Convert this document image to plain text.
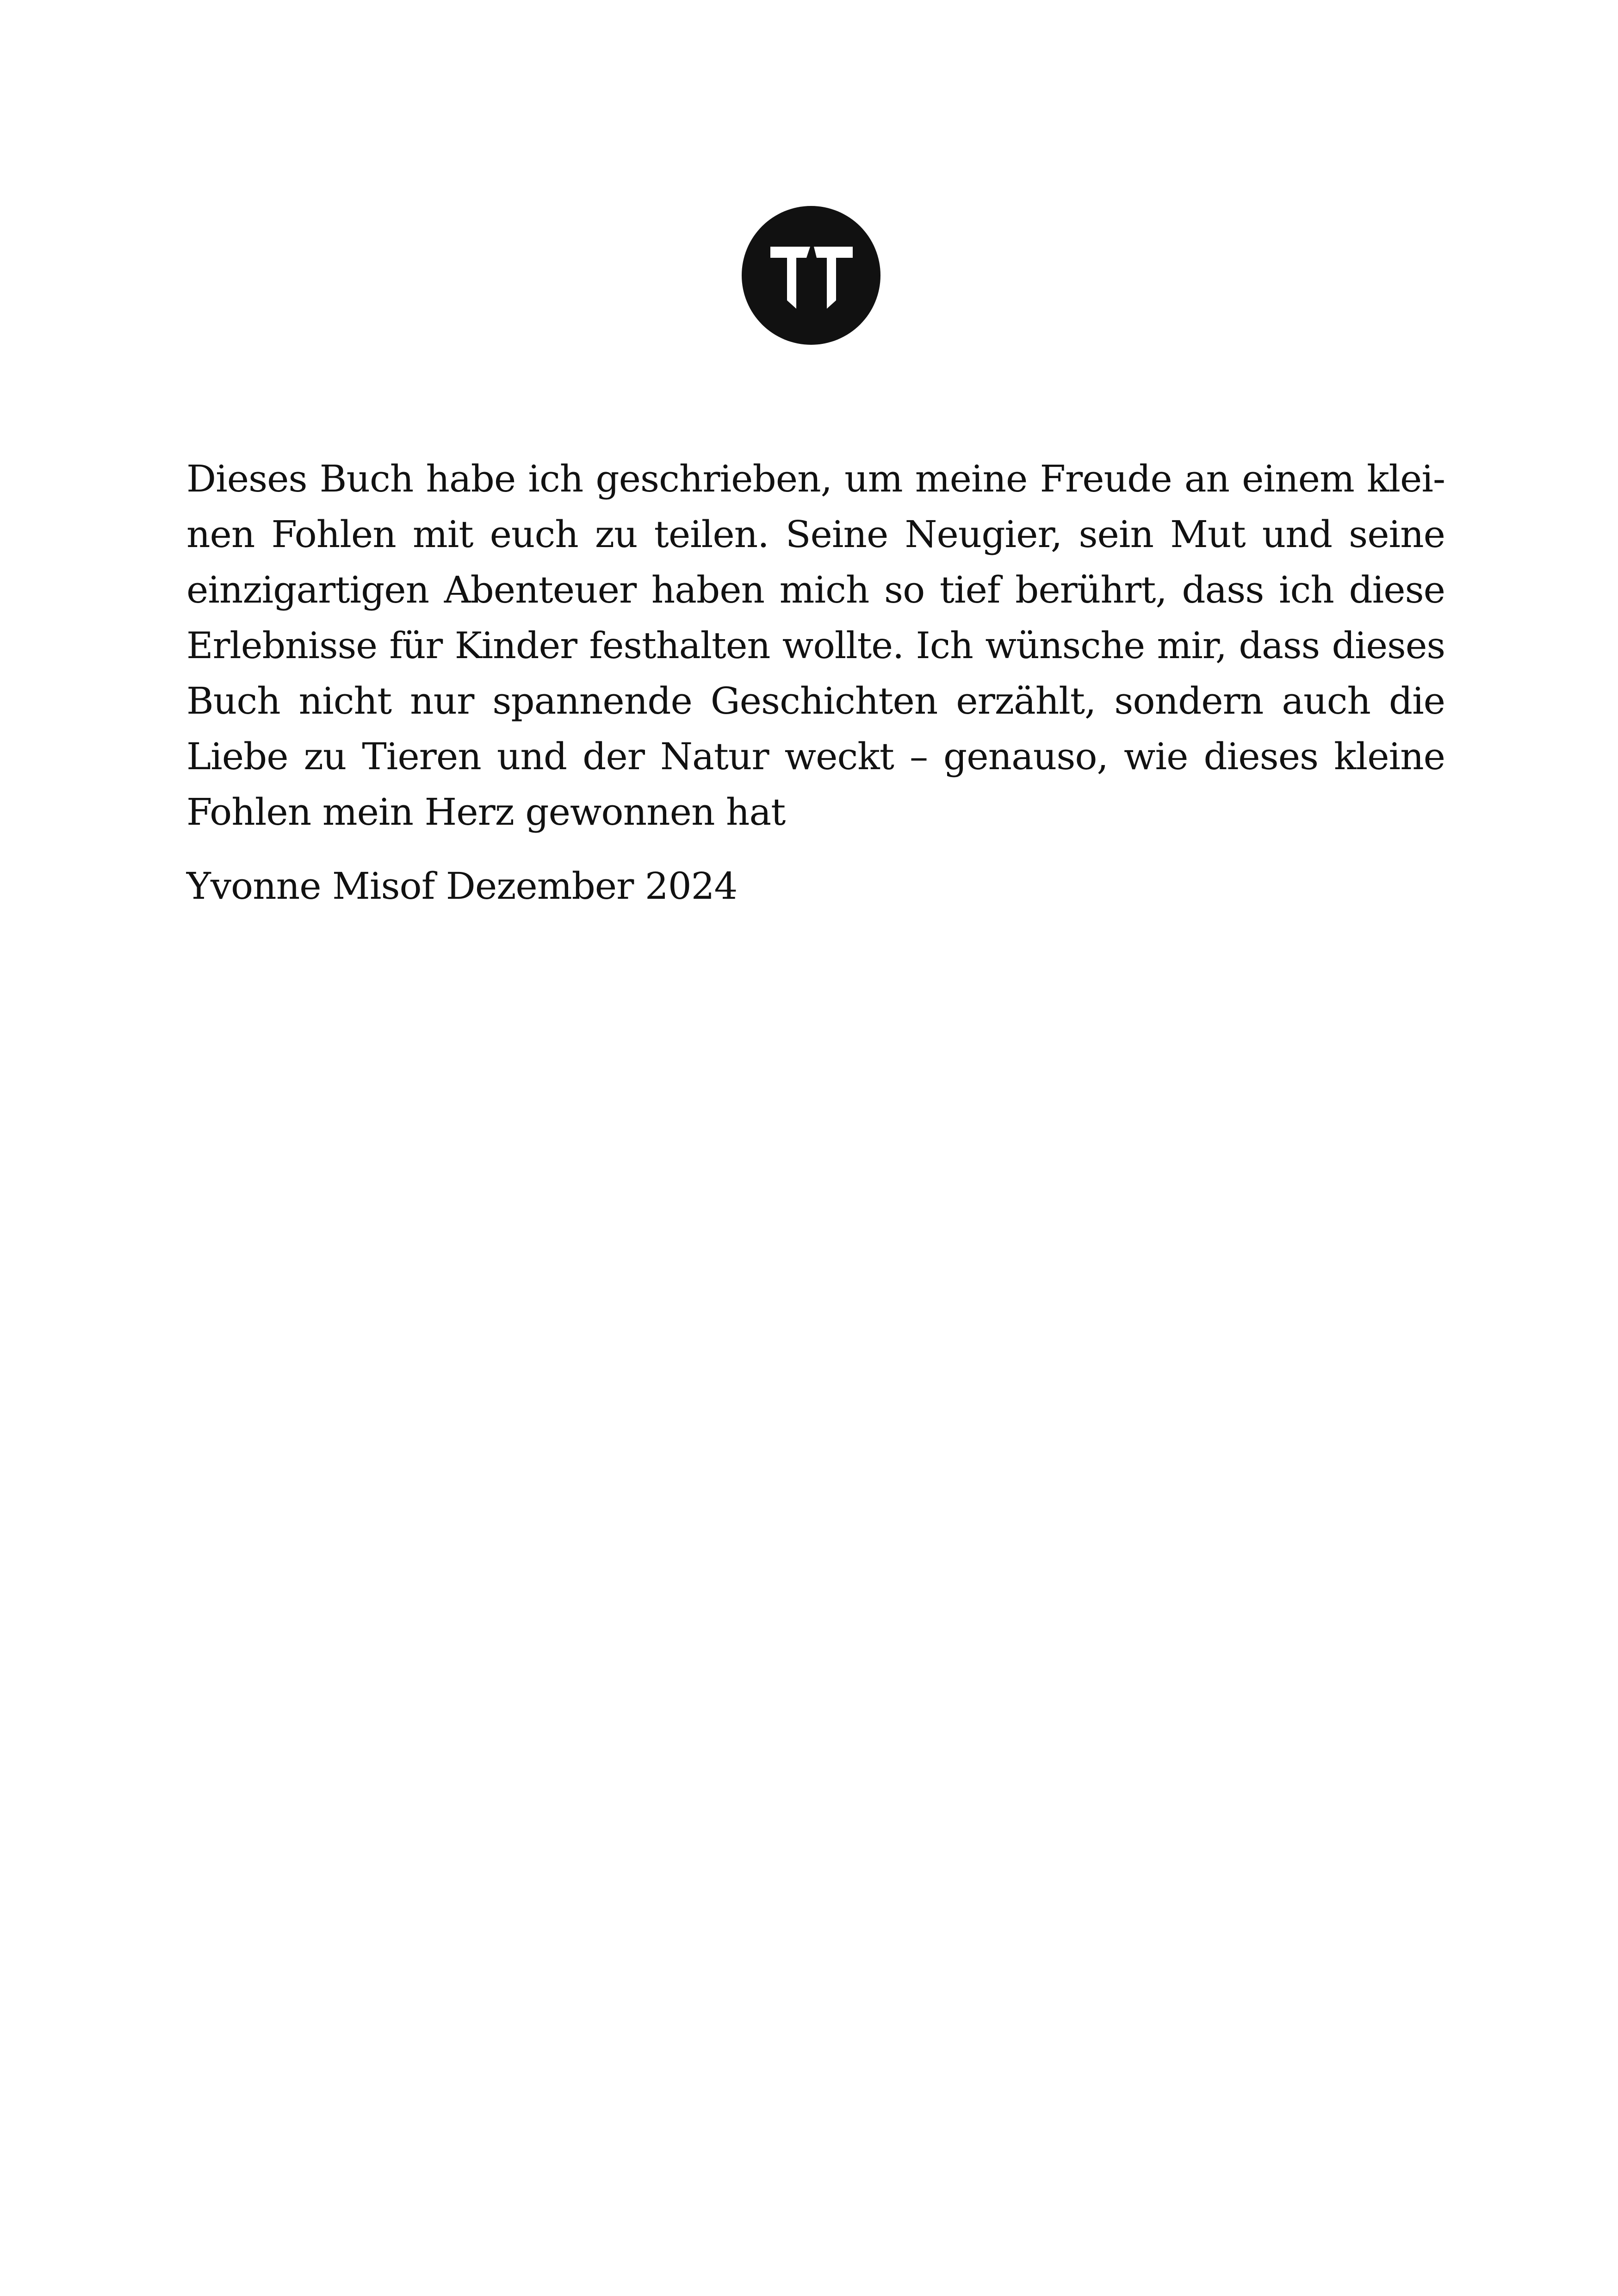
Dieses Buch habe ich geschrieben, um meine Freude an einem klei-
nen Fohlen mit euch zu teilen. Seine Neugier, sein Mut und seine
einzigartigen Abenteuer haben mich so tief berührt, dass ich diese
Erlebnisse für Kinder festhalten wollte. Ich wünsche mir, dass dieses
Buch nicht nur spannende Geschichten erzählt, sondern auch die
Liebe zu Tieren und der Natur weckt – genauso, wie dieses kleine
Fohlen mein Herz gewonnen hat
Yvonne Misof Dezember 2024
